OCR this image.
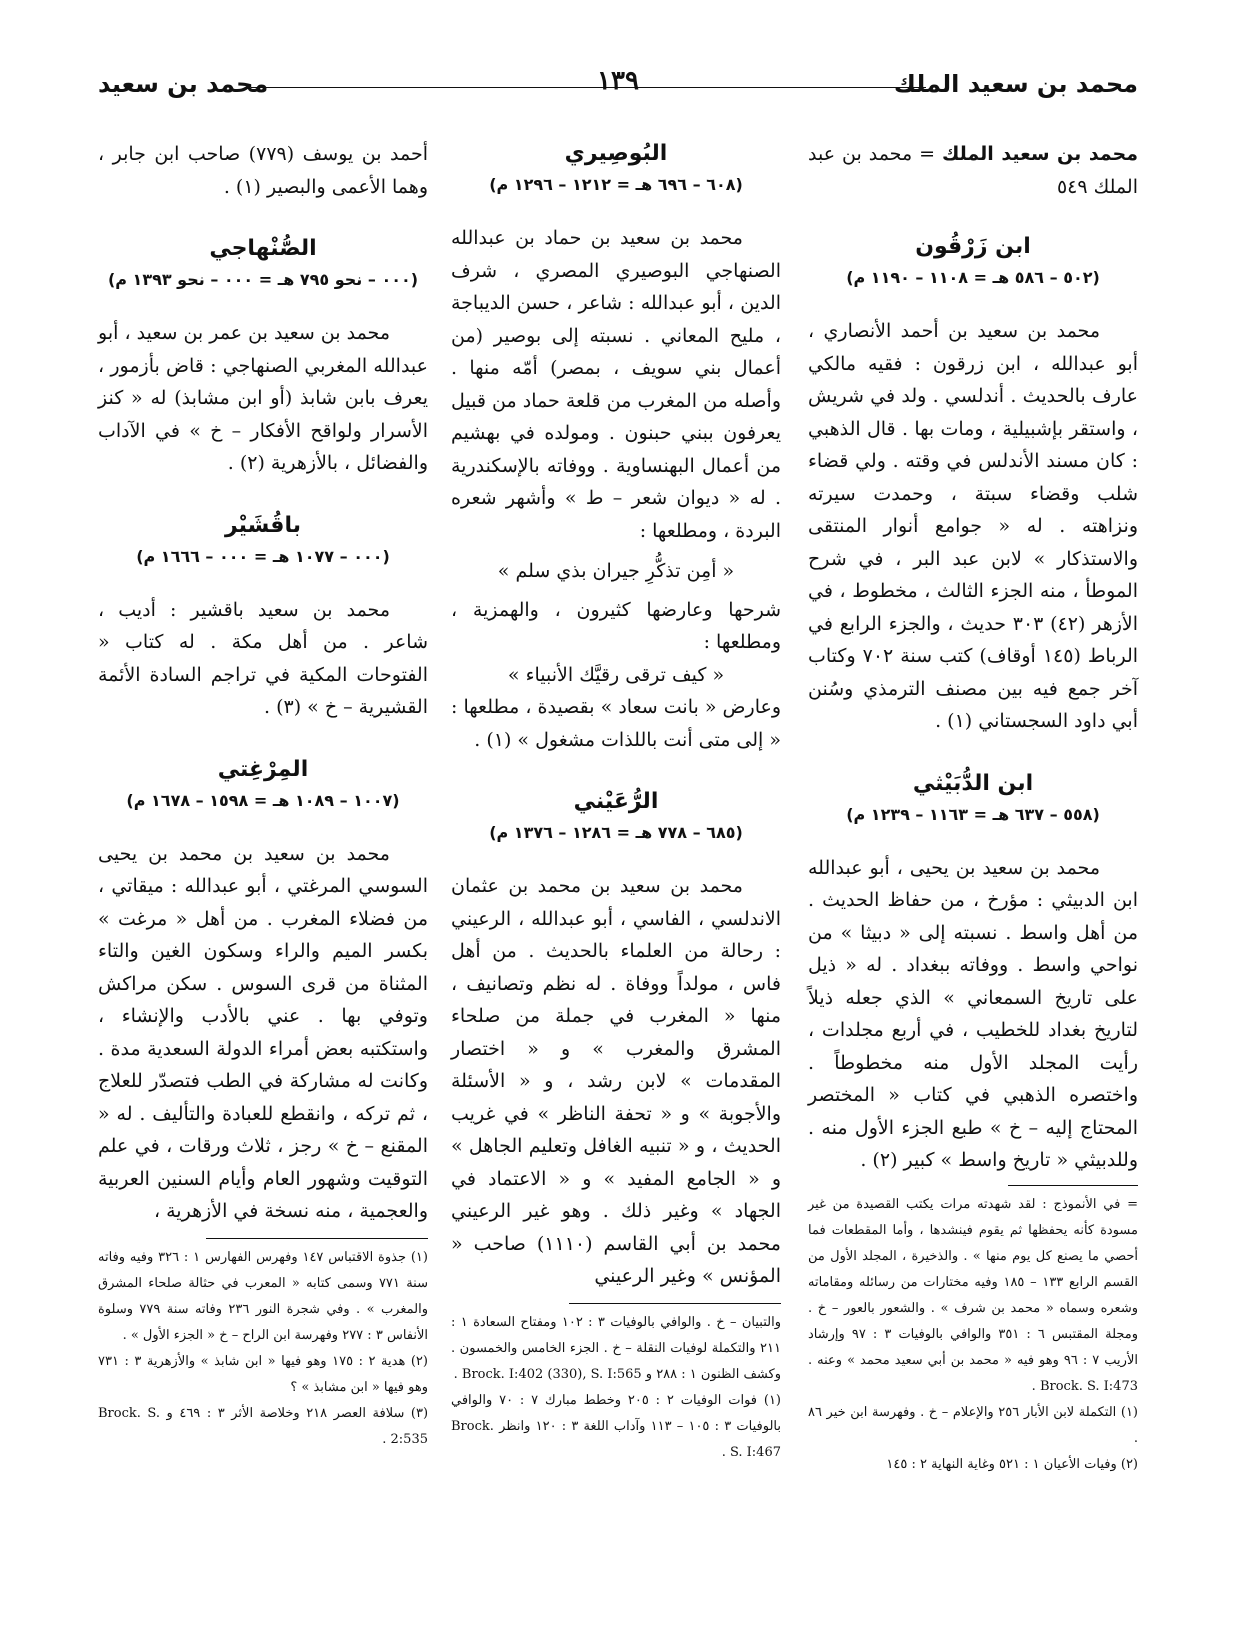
محمد بن سعيد الملك
١٣٩
محمد بن سعيد

محمد بن سعيد الملك = محمد بن عبد الملك ٥٤٩

ابن زَرْقُون

(٥٠٢ – ٥٨٦ هـ = ١١٠٨ – ١١٩٠ م)

محمد بن سعيد بن أحمد الأنصاري ، أبو عبدالله ، ابن زرقون : فقيه مالكي عارف بالحديث . أندلسي . ولد في شريش ، واستقر بإشبيلية ، ومات بها . قال الذهبي : كان مسند الأندلس في وقته . ولي قضاء شلب وقضاء سبتة ، وحمدت سيرته ونزاهته . له « جوامع أنوار المنتقى والاستذكار » لابن عبد البر ، في شرح الموطأ ، منه الجزء الثالث ، مخطوط ، في الأزهر (٤٢) ٣٠٣ حديث ، والجزء الرابع في الرباط (١٤٥ أوقاف) كتب سنة ٧٠٢ وكتاب آخر جمع فيه بين مصنف الترمذي وسُنن أبي داود السجستاني (١) .

ابن الدُّبَيْثي

(٥٥٨ – ٦٣٧ هـ = ١١٦٣ – ١٢٣٩ م)

محمد بن سعيد بن يحيى ، أبو عبدالله ابن الدبيثي : مؤرخ ، من حفاظ الحديث . من أهل واسط . نسبته إلى « دبيثا » من نواحي واسط . ووفاته ببغداد . له « ذيل على تاريخ السمعاني » الذي جعله ذيلاً لتاريخ بغداد للخطيب ، في أربع مجلدات ، رأيت المجلد الأول منه مخطوطاً . واختصره الذهبي في كتاب « المختصر المحتاج إليه – خ » طبع الجزء الأول منه . وللدبيثي « تاريخ واسط » كبير (٢) .

= في الأنموذج : لقد شهدته مرات يكتب القصيدة من غير مسودة كأنه يحفظها ثم يقوم فينشدها ، وأما المقطعات فما أحصي ما يصنع كل يوم منها » . والذخيرة ، المجلد الأول من القسم الرابع ١٣٣ – ١٨٥ وفيه مختارات من رسائله ومقاماته وشعره وسماه « محمد بن شرف » . والشعور بالعور – خ . ومجلة المقتبس ٦ : ٣٥١ والوافي بالوفيات ٣ : ٩٧ وإرشاد الأريب ٧ : ٩٦ وهو فيه « محمد بن أبي سعيد محمد » وعنه . Brock. S. I:473 .

(١) التكملة لابن الأبار ٢٥٦ والإعلام – خ . وفهرسة ابن خير ٨٦ .

(٢) وفيات الأعيان ١ : ٥٢١ وغاية النهاية ٢ : ١٤٥

البُوصِيري

(٦٠٨ – ٦٩٦ هـ = ١٢١٢ – ١٢٩٦ م)

محمد بن سعيد بن حماد بن عبدالله الصنهاجي البوصيري المصري ، شرف الدين ، أبو عبدالله : شاعر ، حسن الديباجة ، مليح المعاني . نسبته إلى بوصير (من أعمال بني سويف ، بمصر) أمّه منها . وأصله من المغرب من قلعة حماد من قبيل يعرفون ببني حبنون . ومولده في بهشيم من أعمال البهنساوية . ووفاته بالإسكندرية . له « ديوان شعر – ط » وأشهر شعره البردة ، ومطلعها :

« أمِن تذكُّرِ جيران بذي سلم »

شرحها وعارضها كثيرون ، والهمزية ، ومطلعها :

« كيف ترقى رقيَّك الأنبياء »

وعارض « بانت سعاد » بقصيدة ، مطلعها : « إلى متى أنت باللذات مشغول » (١) .

الرُّعَيْني

(٦٨٥ – ٧٧٨ هـ = ١٢٨٦ – ١٣٧٦ م)

محمد بن سعيد بن محمد بن عثمان الاندلسي ، الفاسي ، أبو عبدالله ، الرعيني : رحالة من العلماء بالحديث . من أهل فاس ، مولداً ووفاة . له نظم وتصانيف ، منها « المغرب في جملة من صلحاء المشرق والمغرب » و « اختصار المقدمات » لابن رشد ، و « الأسئلة والأجوبة » و « تحفة الناظر » في غريب الحديث ، و « تنبيه الغافل وتعليم الجاهل » و « الجامع المفيد » و « الاعتماد في الجهاد » وغير ذلك . وهو غير الرعيني محمد بن أبي القاسم (١١١٠) صاحب « المؤنس » وغير الرعيني

والتبيان – خ . والوافي بالوفيات ٣ : ١٠٢ ومفتاح السعادة ١ : ٢١١ والتكملة لوفيات النقلة – خ . الجزء الخامس والخمسون . وكشف الظنون ١ : ٢٨٨ و Brock. I:402 (330), S. I:565 .

(١) فوات الوفيات ٢ : ٢٠٥ وخطط مبارك ٧ : ٧٠ والوافي بالوفيات ٣ : ١٠٥ – ١١٣ وآداب اللغة ٣ : ١٢٠ وانظر Brock. S. I:467 .

أحمد بن يوسف (٧٧٩) صاحب ابن جابر ، وهما الأعمى والبصير (١) .

الصُّنْهاجي

(٠٠٠ – نحو ٧٩٥ هـ = ٠٠٠ – نحو ١٣٩٣ م)

محمد بن سعيد بن عمر بن سعيد ، أبو عبدالله المغربي الصنهاجي : قاض بأزمور ، يعرف بابن شابذ (أو ابن مشابذ) له « كنز الأسرار ولواقح الأفكار – خ » في الآداب والفضائل ، بالأزهرية (٢) .

باقُشَيْر

(٠٠٠ – ١٠٧٧ هـ = ٠٠٠ – ١٦٦٦ م)

محمد بن سعيد باقشير : أديب ، شاعر . من أهل مكة . له كتاب « الفتوحات المكية في تراجم السادة الأئمة القشيرية – خ » (٣) .

المِرْغِتي

(١٠٠٧ – ١٠٨٩ هـ = ١٥٩٨ – ١٦٧٨ م)

محمد بن سعيد بن محمد بن يحيى السوسي المرغتي ، أبو عبدالله : ميقاتي ، من فضلاء المغرب . من أهل « مرغت » بكسر الميم والراء وسكون الغين والتاء المثناة من قرى السوس . سكن مراكش وتوفي بها . عني بالأدب والإنشاء ، واستكتبه بعض أمراء الدولة السعدية مدة . وكانت له مشاركة في الطب فتصدّر للعلاج ، ثم تركه ، وانقطع للعبادة والتأليف . له « المقنع – خ » رجز ، ثلاث ورقات ، في علم التوقيت وشهور العام وأيام السنين العربية والعجمية ، منه نسخة في الأزهرية ،

(١) جذوة الاقتباس ١٤٧ وفهرس الفهارس ١ : ٣٢٦ وفيه وفاته سنة ٧٧١ وسمى كتابه « المعرب في حثالة صلحاء المشرق والمغرب » . وفي شجرة النور ٢٣٦ وفاته سنة ٧٧٩ وسلوة الأنفاس ٣ : ٢٧٧ وفهرسة ابن الراح – خ « الجزء الأول » .

(٢) هدية ٢ : ١٧٥ وهو فيها « ابن شابذ » والأزهرية ٣ : ٧٣١ وهو فيها « ابن مشابذ » ؟

(٣) سلافة العصر ٢١٨ وخلاصة الأثر ٣ : ٤٦٩ و Brock. S. 2:535 .
